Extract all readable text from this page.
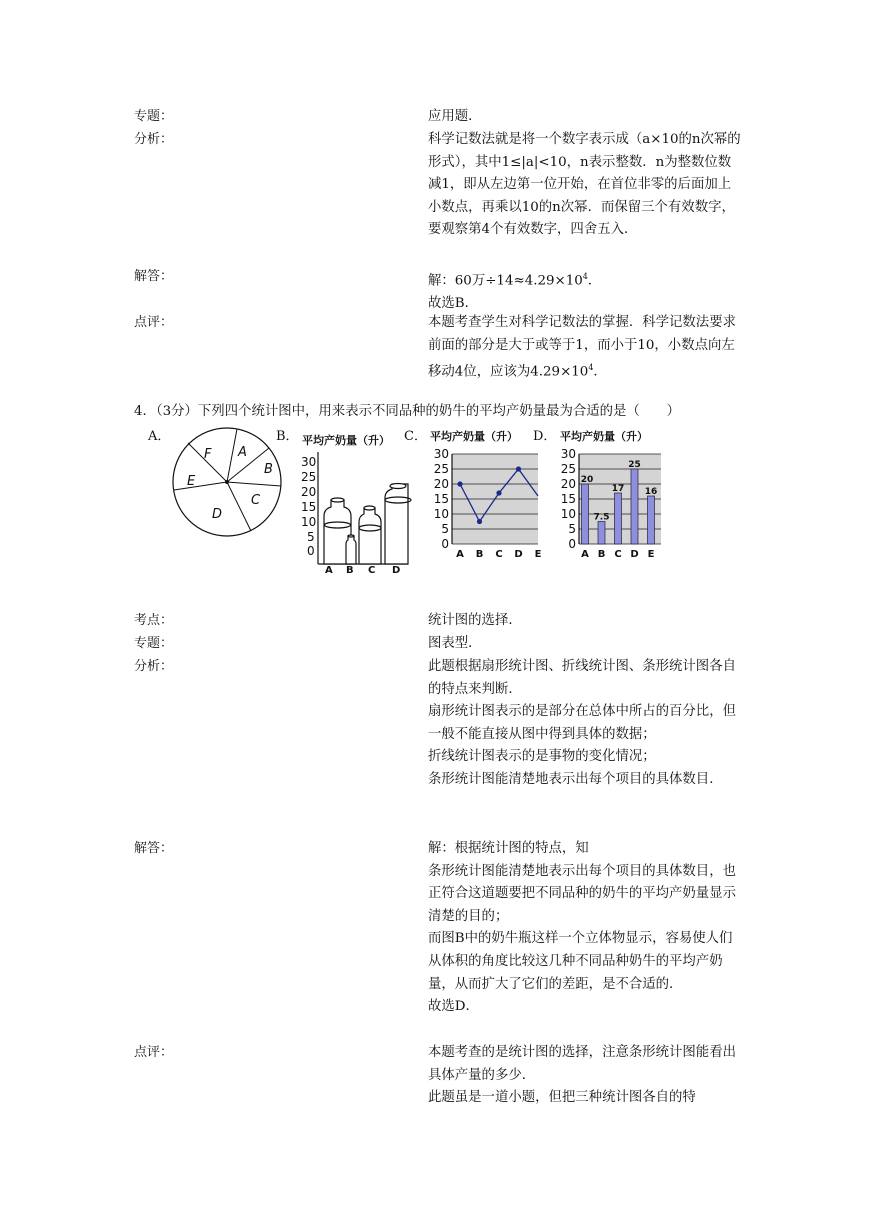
专题：	应用题．
分析：	科学记数法就是将一个数字表示成（a×10的n次幂的形式），其中1≤|a|<10，n表示整数．n为整数位数减1，即从左边第一位开始，在首位非零的后面加上小数点，再乘以10的n次幂．而保留三个有效数字，要观察第4个有效数字，四舍五入．
解答：	解：60万$\div 14\approx 4.29\times 10^4$．

故选B．

点评：	本题考查学生对科学记数法的掌握．科学记数法要求前面的部分是大于或等于1，而小于10，小数点向左移动4位，应该为$4.29\times 10^4$．
4．（3分）下列四个统计图中，用来表示不同品种的奶牛的平均产奶量最为合适的是（　　）
A．	B．	C．	D．
A
B
C
D
E
F
平均产奶量（升）
30
25
20
15
10
5
0
A B C D
平均产奶量（升）
30
25
20
15
10
5
0
A B C D E
平均产奶量（升）
30
25
20
15
10
5
0
20
7.5
17
25
16
A B C D E
考点：	统计图的选择．
专题：	图表型．
分析：	此题根据扇形统计图、折线统计图、条形统计图各自的特点来判断．

扇形统计图表示的是部分在总体中所占的百分比，但一般不能直接从图中得到具体的数据；

折线统计图表示的是事物的变化情况；

条形统计图能清楚地表示出每个项目的具体数目．

解答：	解：根据统计图的特点，知

条形统计图能清楚地表示出每个项目的具体数目，也正符合这道题要把不同品种的奶牛的平均产奶量显示清楚的目的；

而图B中的奶牛瓶这样一个立体物显示，容易使人们从体积的角度比较这几种不同品种奶牛的平均产奶量，从而扩大了它们的差距，是不合适的．

故选D．

点评：	本题考查的是统计图的选择，注意条形统计图能看出具体产量的多少．

此题虽是一道小题，但把三种统计图各自的特
